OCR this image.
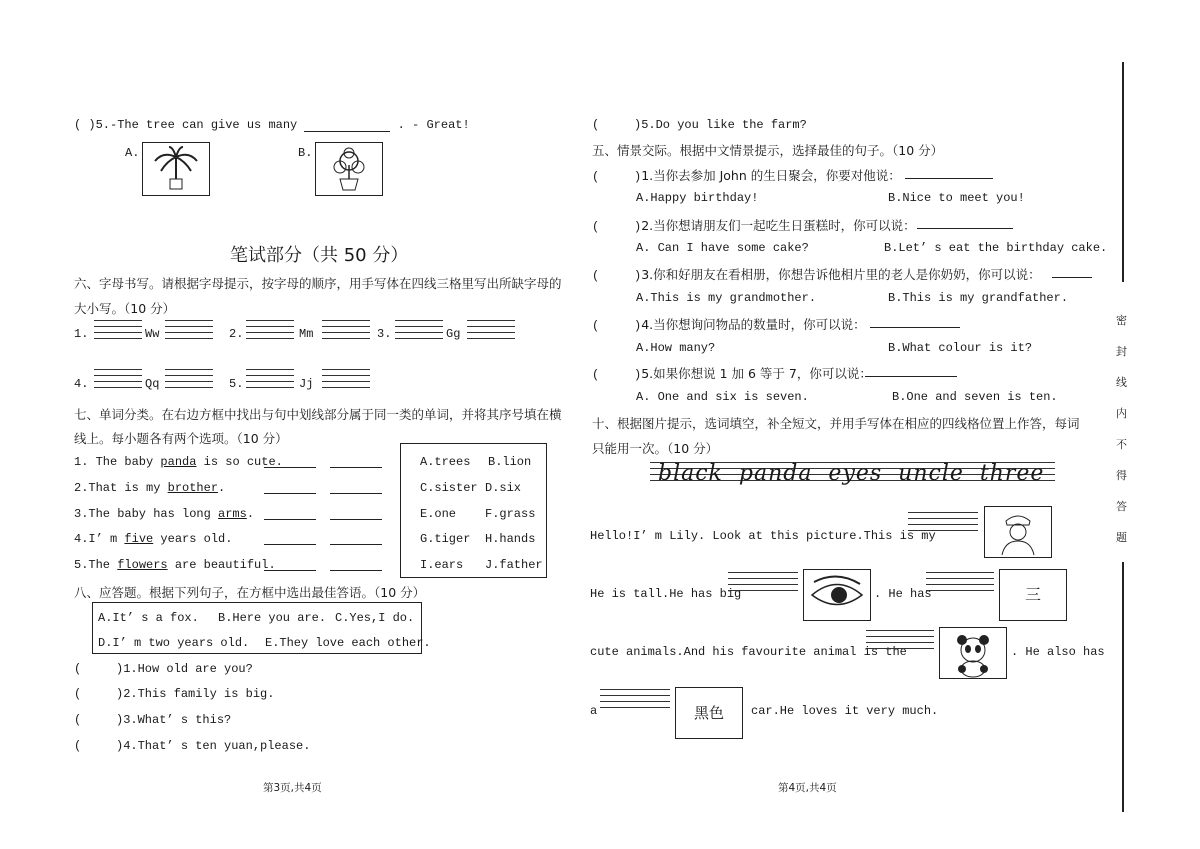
( )5.-The tree can give us many	. - Great!
A.	B.
笔试部分（共 50 分）
六、字母书写。请根据字母提示，按字母的顺序，用手写体在四线三格里写出所缺字母的
大小写。（10 分）
1.	Ww	2.	Mm	3.	Gg
4.	Qq	5.	Jj
七、单词分类。在右边方框中找出与句中划线部分属于同一类的单词，并将其序号填在横
线上。每小题各有两个选项。（10 分）
1. The baby panda is so cute.
2.That is my brother.
3.The baby has long arms.
4.I’ m five years old.
5.The flowers are beautiful.
A.trees B.lion
C.sister D.six
E.one F.grass
G.tiger H.hands
I.ears J.father
八、应答题。根据下列句子，在方框中选出最佳答语。（10 分）
A.It’ s a fox. B.Here you are. C.Yes,I do.
D.I’ m two years old. E.They love each other.
(	)1.How old are you?
(	)2.This family is big.
(	)3.What’ s this?
(	)4.That’ s ten yuan,please.
第3页,共4页
(	)5.Do you like the farm?
五、情景交际。根据中文情景提示，选择最佳的句子。（10 分）
(	)1.当你去参加 John 的生日聚会，你要对他说：
A.Happy birthday!	B.Nice to meet you!
(	)2.当你想请朋友们一起吃生日蛋糕时，你可以说：
A. Can I have some cake?	B.Let’ s eat the birthday cake.
(	)3.你和好朋友在看相册，你想告诉他相片里的老人是你奶奶，你可以说：
A.This is my grandmother.	B.This is my grandfather.
(	)4.当你想询问物品的数量时，你可以说：
A.How many?	B.What colour is it?
(	)5.如果你想说 1 加 6 等于 7，你可以说：
A. One and six is seven.	B.One and seven is ten.
十、根据图片提示，选词填空，补全短文，并用手写体在相应的四线格位置上作答，每词
只能用一次。（10 分）
black  panda  eyes  uncle  three
Hello!I’ m Lily. Look at this picture.This is my
He is tall.He has big	. He has	三
cute animals.And his favourite animal is the	. He also has
a	黑色	car.He loves it very much.
第4页,共4页
密
封
线
内
不
得
答
题
